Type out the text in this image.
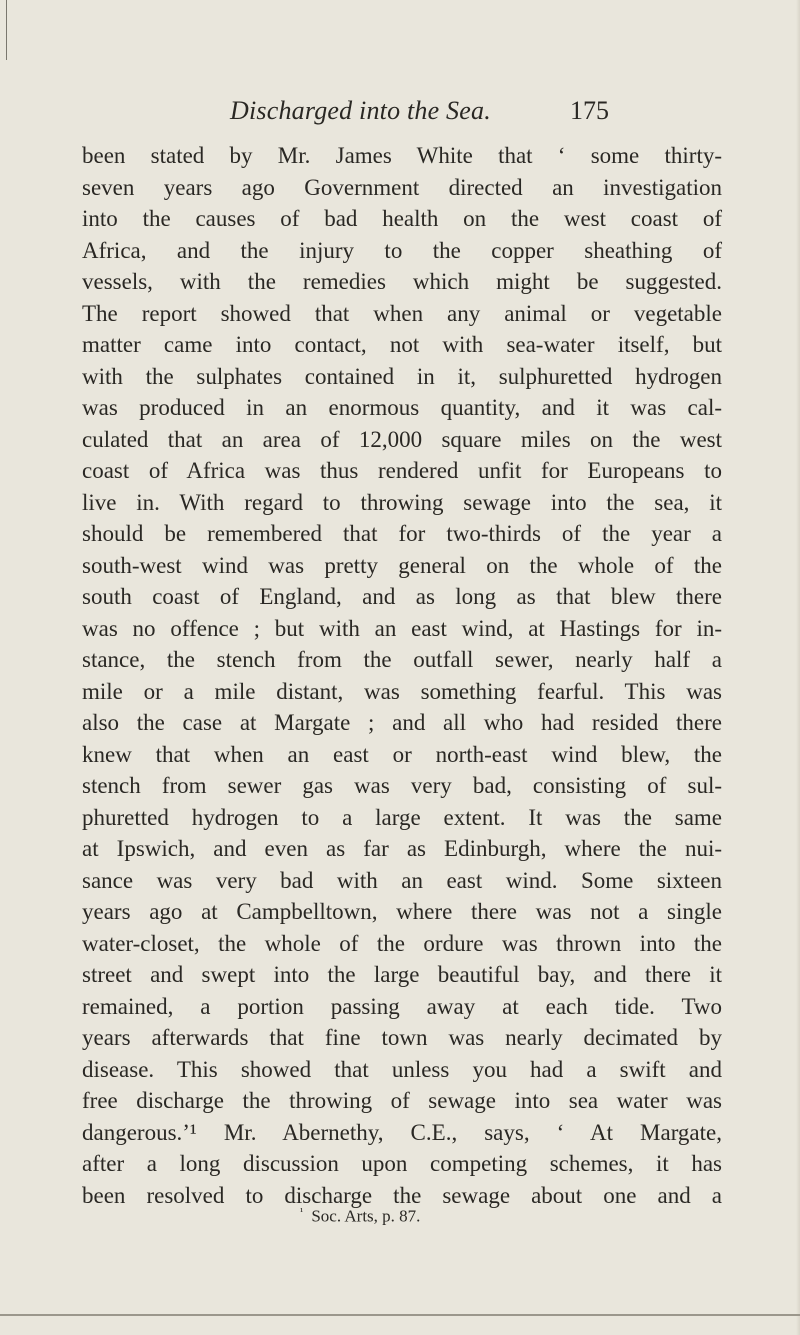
Discharged into the Sea.	175
been stated by Mr. James White that ‘ some thirty-
seven years ago Government directed an investigation
into the causes of bad health on the west coast of
Africa, and the injury to the copper sheathing of
vessels, with the remedies which might be suggested.
The report showed that when any animal or vegetable
matter came into contact, not with sea-water itself, but
with the sulphates contained in it, sulphuretted hydrogen
was produced in an enormous quantity, and it was cal-
culated that an area of 12,000 square miles on the west
coast of Africa was thus rendered unfit for Europeans to
live in. With regard to throwing sewage into the sea, it
should be remembered that for two-thirds of the year a
south-west wind was pretty general on the whole of the
south coast of England, and as long as that blew there
was no offence ; but with an east wind, at Hastings for in-
stance, the stench from the outfall sewer, nearly half a
mile or a mile distant, was something fearful. This was
also the case at Margate ; and all who had resided there
knew that when an east or north-east wind blew, the
stench from sewer gas was very bad, consisting of sul-
phuretted hydrogen to a large extent. It was the same
at Ipswich, and even as far as Edinburgh, where the nui-
sance was very bad with an east wind. Some sixteen
years ago at Campbelltown, where there was not a single
water-closet, the whole of the ordure was thrown into the
street and swept into the large beautiful bay, and there it
remained, a portion passing away at each tide. Two
years afterwards that fine town was nearly decimated by
disease. This showed that unless you had a swift and
free discharge the throwing of sewage into sea water was
dangerous.’¹ Mr. Abernethy, C.E., says, ‘ At Margate,
after a long discussion upon competing schemes, it has
been resolved to discharge the sewage about one and a
$^{^1}$ Soc. Arts, p. 87.
